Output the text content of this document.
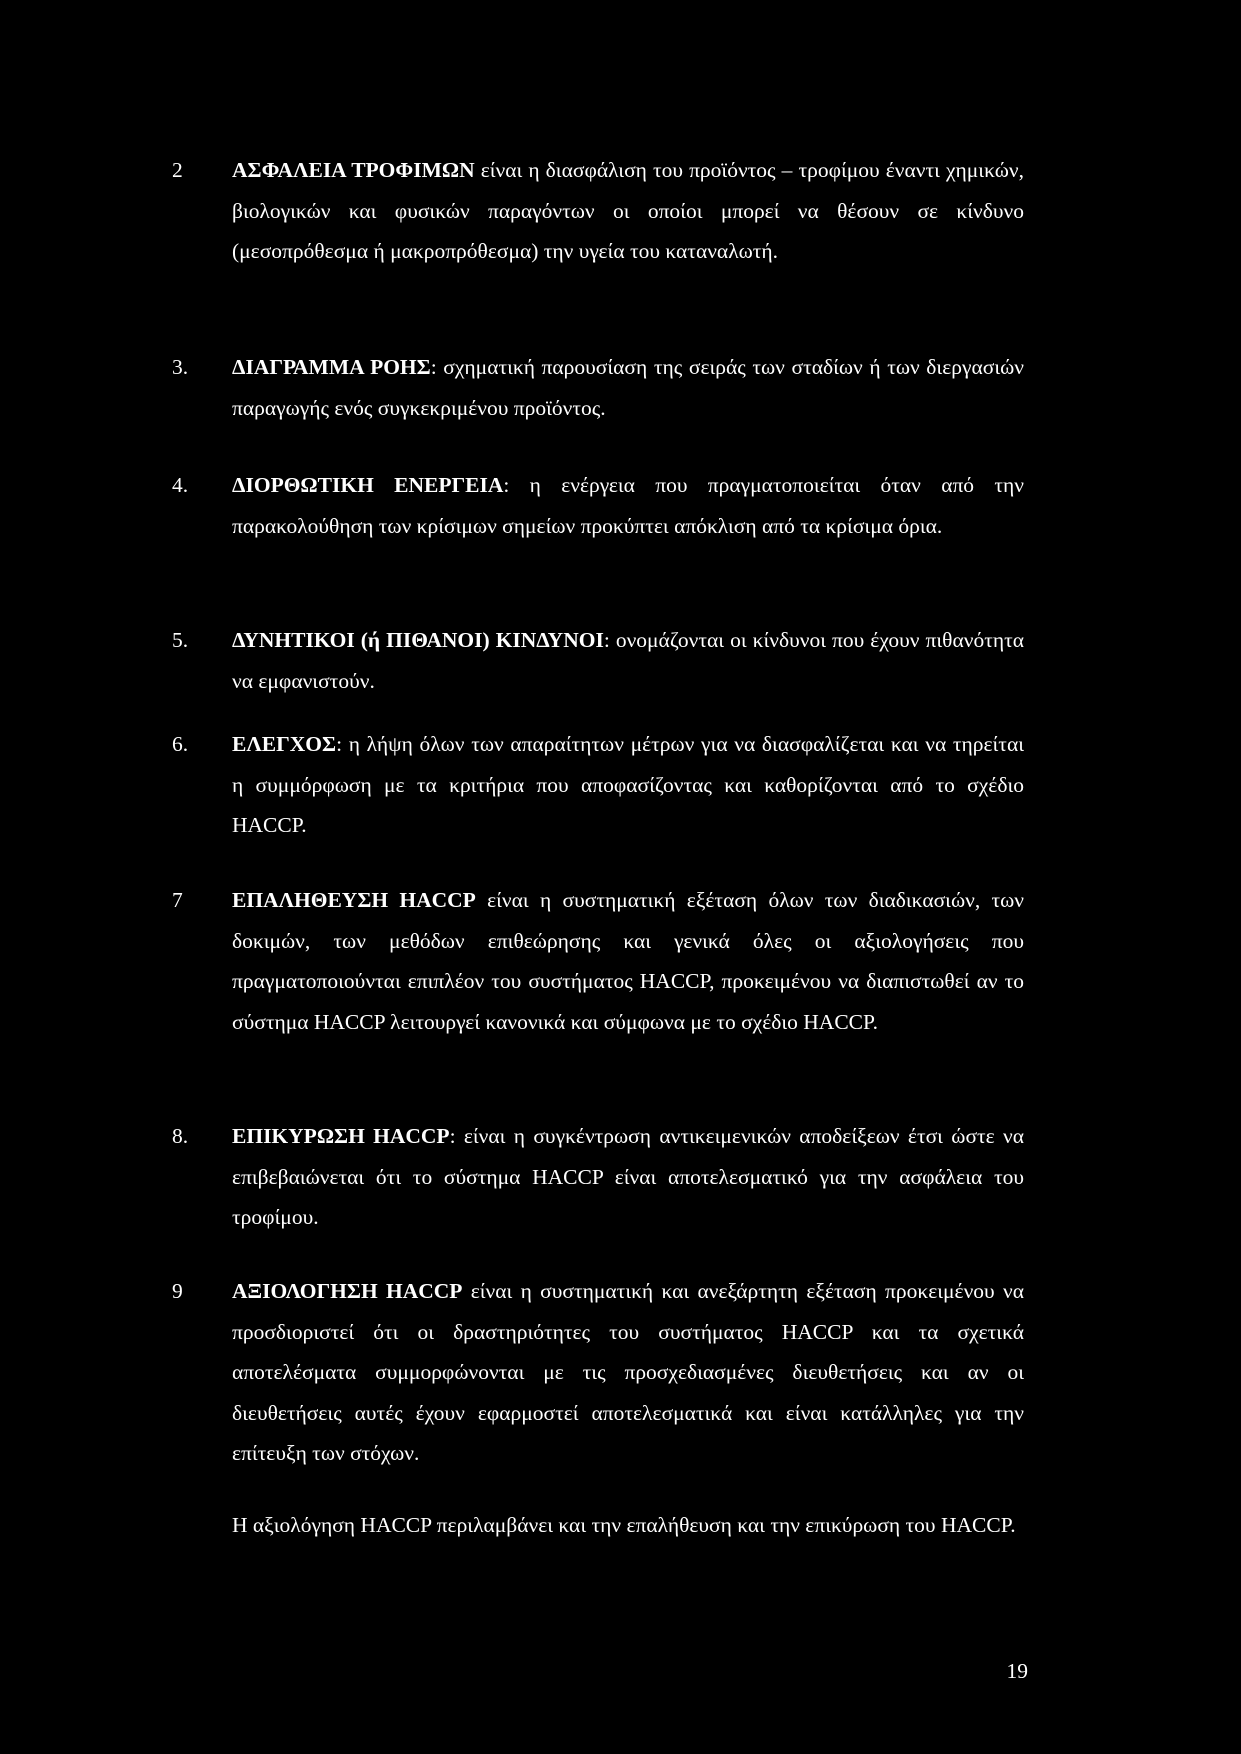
2 ΑΣΦΑΛΕΙΑ ΤΡΟΦΙΜΩΝ είναι η διασφάλιση του προϊόντος – τροφίμου έναντι χημικών, βιολογικών και φυσικών παραγόντων οι οποίοι μπορεί να θέσουν σε κίνδυνο (μεσοπρόθεσμα ή μακροπρόθεσμα) την υγεία του καταναλωτή.

3. ΔΙΑΓΡΑΜΜΑ ΡΟΗΣ: σχηματική παρουσίαση της σειράς των σταδίων ή των διεργασιών παραγωγής ενός συγκεκριμένου προϊόντος.

4. ΔΙΟΡΘΩΤΙΚΗ ΕΝΕΡΓΕΙΑ: η ενέργεια που πραγματοποιείται όταν από την παρακολούθηση των κρίσιμων σημείων προκύπτει απόκλιση από τα κρίσιμα όρια.

5. ΔΥΝΗΤΙΚΟΙ (ή ΠΙΘΑΝΟΙ) ΚΙΝΔΥΝΟΙ: ονομάζονται οι κίνδυνοι που έχουν πιθανότητα να εμφανιστούν.

6. ΕΛΕΓΧΟΣ: η λήψη όλων των απαραίτητων μέτρων για να διασφαλίζεται και να τηρείται η συμμόρφωση με τα κριτήρια που αποφασίζοντας και καθορίζονται από το σχέδιο HACCP.

7 ΕΠΑΛΗΘΕΥΣΗ HACCP είναι η συστηματική εξέταση όλων των διαδικασιών, των δοκιμών, των μεθόδων επιθεώρησης και γενικά όλες οι αξιολογήσεις που πραγματοποιούνται επιπλέον του συστήματος HACCP, προκειμένου να διαπιστωθεί αν το σύστημα HACCP λειτουργεί κανονικά και σύμφωνα με το σχέδιο HACCP.

8. ΕΠΙΚΥΡΩΣΗ HACCP: είναι η συγκέντρωση αντικειμενικών αποδείξεων έτσι ώστε να επιβεβαιώνεται ότι το σύστημα HACCP είναι αποτελεσματικό για την ασφάλεια του τροφίμου.

9 ΑΞΙΟΛΟΓΗΣΗ HACCP είναι η συστηματική και ανεξάρτητη εξέταση προκειμένου να προσδιοριστεί ότι οι δραστηριότητες του συστήματος HACCP και τα σχετικά αποτελέσματα συμμορφώνονται με τις προσχεδιασμένες διευθετήσεις και αν οι διευθετήσεις αυτές έχουν εφαρμοστεί αποτελεσματικά και είναι κατάλληλες για την επίτευξη των στόχων.

Η αξιολόγηση HACCP περιλαμβάνει και την επαλήθευση και την επικύρωση του HACCP.

19
